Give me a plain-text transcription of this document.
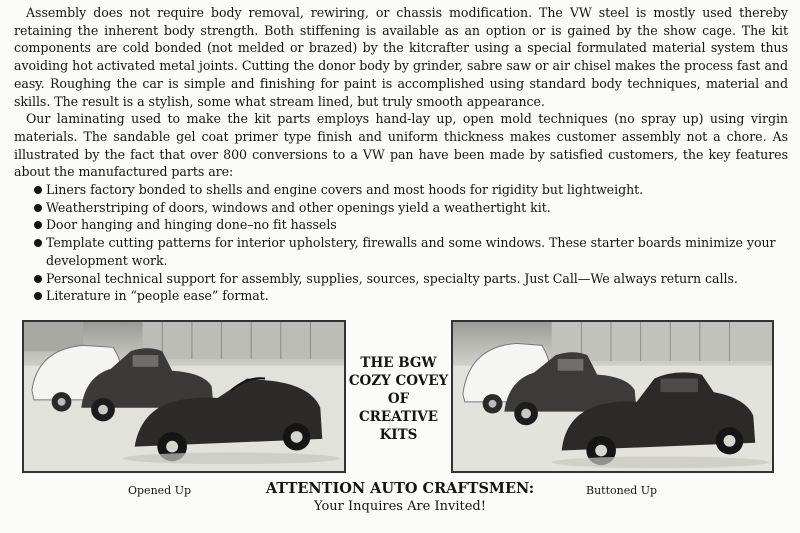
Assembly does not require body removal, rewiring, or chassis modification. The VW steel is mostly used thereby retaining the inherent body strength. Both stiffening is available as an option or is gained by the show cage. The kit components are cold bonded (not melded or brazed) by the kitcrafter using a special formulated material system thus avoiding hot activated metal joints. Cutting the donor body by grinder, sabre saw or air chisel makes the process fast and easy. Roughing the car is simple and finishing for paint is accomplished using standard body techniques, material and skills. The result is a stylish, some what stream lined, but truly smooth appearance.

Our laminating used to make the kit parts employs hand-lay up, open mold techniques (no spray up) using virgin materials. The sandable gel coat primer type finish and uniform thickness makes customer assembly not a chore. As illustrated by the fact that over 800 conversions to a VW pan have been made by satisfied customers, the key features about the manufactured parts are:

Liners factory bonded to shells and engine covers and most hoods for rigidity but lightweight.
Weatherstriping of doors, windows and other openings yield a weathertight kit.
Door hanging and hinging done–no fit hassels
Template cutting patterns for interior upholstery, firewalls and some windows. These starter boards minimize your development work.
Personal technical support for assembly, supplies, sources, specialty parts. Just Call—We always return calls.
Literature in “people ease” format.
THE BGW
COZY COVEY
OF
CREATIVE
KITS
Opened Up	Buttoned Up
ATTENTION AUTO CRAFTSMEN:
Your Inquires Are Invited!
